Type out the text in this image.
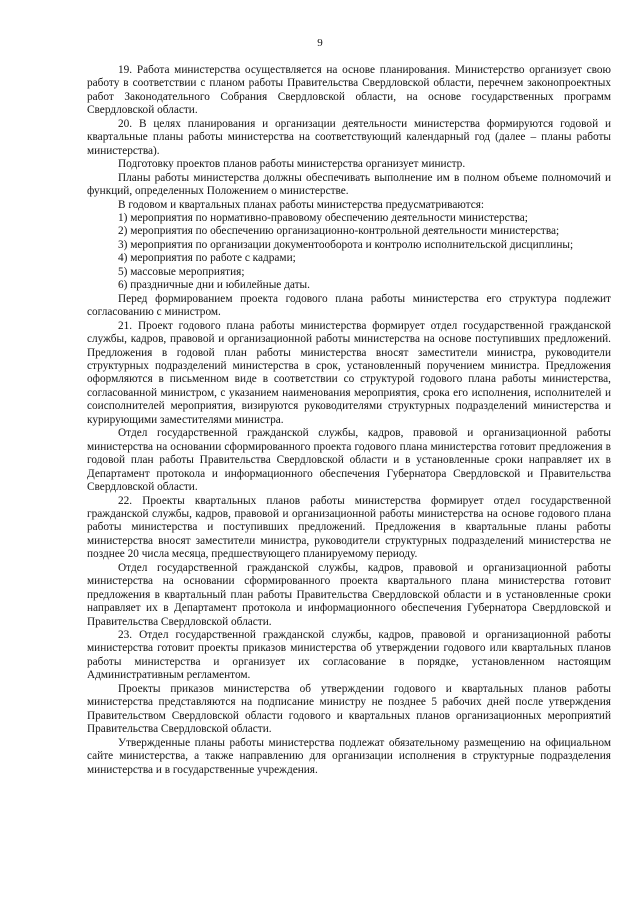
9

19. Работа министерства осуществляется на основе планирования. Министерство организует свою работу в соответствии с планом работы Правительства Свердловской области, перечнем законопроектных работ Законодательного Собрания Свердловской области, на основе государственных программ Свердловской области.

20. В целях планирования и организации деятельности министерства формируются годовой и квартальные планы работы министерства на соответствующий календарный год (далее – планы работы министерства).

Подготовку проектов планов работы министерства организует министр.

Планы работы министерства должны обеспечивать выполнение им в полном объеме полномочий и функций, определенных Положением о министерстве.

В годовом и квартальных планах работы министерства предусматриваются:

1) мероприятия по нормативно-правовому обеспечению деятельности министерства;

2) мероприятия по обеспечению организационно-контрольной деятельности министерства;

3) мероприятия по организации документооборота и контролю исполнительской дисциплины;

4) мероприятия по работе с кадрами;

5) массовые мероприятия;

6) праздничные дни и юбилейные даты.

Перед формированием проекта годового плана работы министерства его структура подлежит согласованию с министром.

21. Проект годового плана работы министерства формирует отдел государственной гражданской службы, кадров, правовой и организационной работы министерства на основе поступивших предложений. Предложения в годовой план работы министерства вносят заместители министра, руководители структурных подразделений министерства в срок, установленный поручением министра. Предложения оформляются в письменном виде в соответствии со структурой годового плана работы министерства, согласованной министром, с указанием наименования мероприятия, срока его исполнения, исполнителей и соисполнителей мероприятия, визируются руководителями структурных подразделений министерства и курирующими заместителями министра.

Отдел государственной гражданской службы, кадров, правовой и организационной работы министерства на основании сформированного проекта годового плана министерства готовит предложения в годовой план работы Правительства Свердловской области и в установленные сроки направляет их в Департамент протокола и информационного обеспечения Губернатора Свердловской и Правительства Свердловской области.

22. Проекты квартальных планов работы министерства формирует отдел государственной гражданской службы, кадров, правовой и организационной работы министерства на основе годового плана работы министерства и поступивших предложений. Предложения в квартальные планы работы министерства вносят заместители министра, руководители структурных подразделений министерства не позднее 20 числа месяца, предшествующего планируемому периоду.

Отдел государственной гражданской службы, кадров, правовой и организационной работы министерства на основании сформированного проекта квартального плана министерства готовит предложения в квартальный план работы Правительства Свердловской области и в установленные сроки направляет их в Департамент протокола и информационного обеспечения Губернатора Свердловской и Правительства Свердловской области.

23. Отдел государственной гражданской службы, кадров, правовой и организационной работы министерства готовит проекты приказов министерства об утверждении годового или квартальных планов работы министерства и организует их согласование в порядке, установленном настоящим Административным регламентом.

Проекты приказов министерства об утверждении годового и квартальных планов работы министерства представляются на подписание министру не позднее 5 рабочих дней после утверждения Правительством Свердловской области годового и квартальных планов организационных мероприятий Правительства Свердловской области.

Утвержденные планы работы министерства подлежат обязательному размещению на официальном сайте министерства, а также направлению для организации исполнения в структурные подразделения министерства и в государственные учреждения.
